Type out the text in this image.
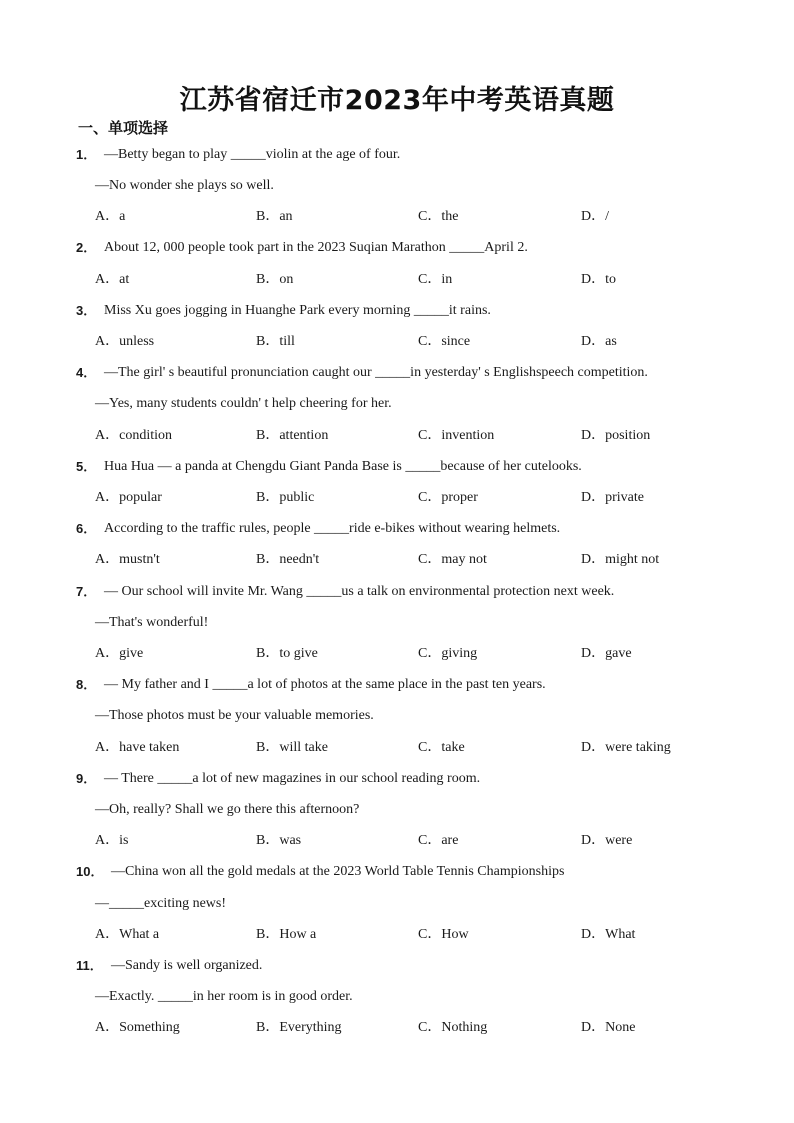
江苏省宿迁市2023年中考英语真题
一、单项选择
1． —Betty began to play _____violin at the age of four.
—No wonder she plays so well.
A．a	B．an	C．the	D．/
2． About 12, 000 people took part in the 2023 Suqian Marathon _____April 2.
A．at	B．on	C．in	D．to
3． Miss Xu goes jogging in Huanghe Park every morning _____it rains.
A．unless	B．till	C．since	D．as
4． —The girl' s beautiful pronunciation caught our _____in yesterday' s Englishspeech competition.
—Yes, many students couldn' t help cheering for her.
A．condition	B．attention	C．invention	D．position
5． Hua Hua — a panda at Chengdu Giant Panda Base is _____because of her cutelooks.
A．popular	B．public	C．proper	D．private
6． According to the traffic rules, people _____ride e-bikes without wearing helmets.
A．mustn't	B．needn't	C．may not	D．might not
7． — Our school will invite Mr. Wang _____us a talk on environmental protection next week.
—That's wonderful!
A．give	B．to give	C．giving	D．gave
8． — My father and I _____a lot of photos at the same place in the past ten years.
—Those photos must be your valuable memories.
A．have taken	B．will take	C．take	D．were taking
9． — There _____a lot of new magazines in our school reading room.
—Oh, really? Shall we go there this afternoon?
A．is	B．was	C．are	D．were
10． —China won all the gold medals at the 2023 World Table Tennis Championships
—_____exciting news!
A．What a	B．How a	C．How	D．What
11． —Sandy is well organized.
—Exactly. _____in her room is in good order.
A．Something	B．Everything	C．Nothing	D．None
